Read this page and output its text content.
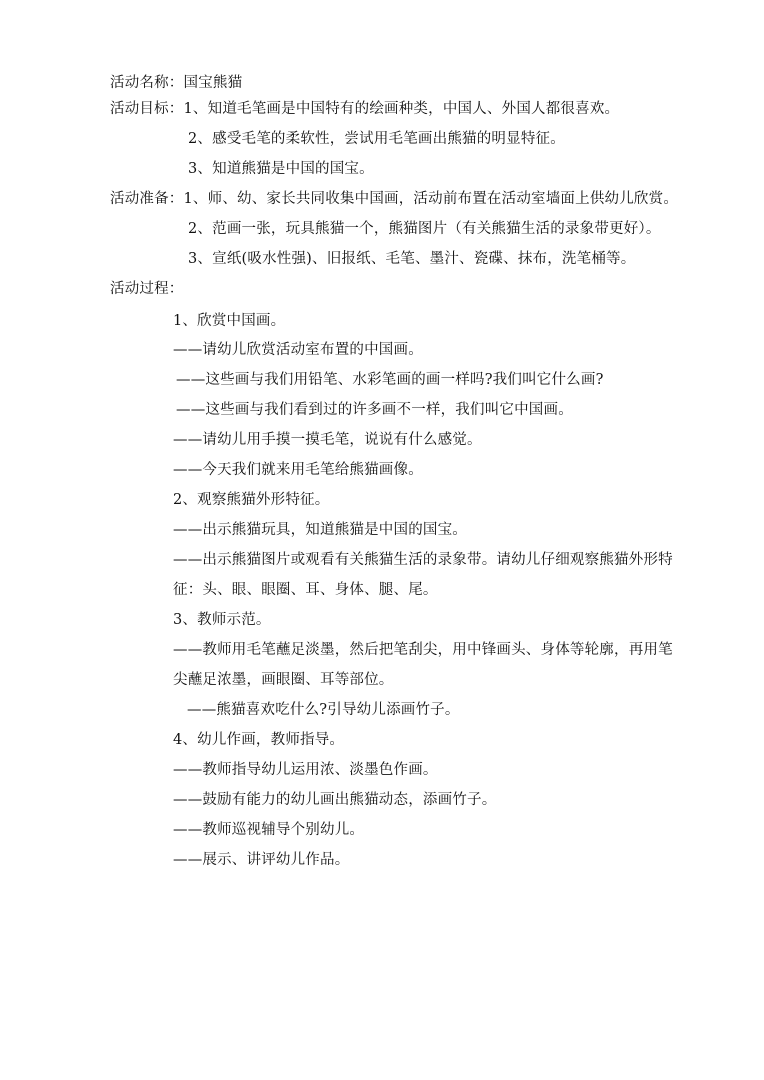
活动名称：国宝熊猫
活动目标：1、知道毛笔画是中国特有的绘画种类，中国人、外国人都很喜欢。
2、感受毛笔的柔软性，尝试用毛笔画出熊猫的明显特征。
3、知道熊猫是中国的国宝。
活动准备：1、师、幼、家长共同收集中国画，活动前布置在活动室墙面上供幼儿欣赏。
2、范画一张，玩具熊猫一个，熊猫图片（有关熊猫生活的录象带更好）。
3、宣纸(吸水性强)、旧报纸、毛笔、墨汁、瓷碟、抹布，洗笔桶等。
活动过程：
1、欣赏中国画。
——请幼儿欣赏活动室布置的中国画。
——这些画与我们用铅笔、水彩笔画的画一样吗?我们叫它什么画?
——这些画与我们看到过的许多画不一样，我们叫它中国画。
——请幼儿用手摸一摸毛笔，说说有什么感觉。
——今天我们就来用毛笔给熊猫画像。
2、观察熊猫外形特征。
——出示熊猫玩具，知道熊猫是中国的国宝。
——出示熊猫图片或观看有关熊猫生活的录象带。请幼儿仔细观察熊猫外形特
征：头、眼、眼圈、耳、身体、腿、尾。
3、教师示范。
——教师用毛笔蘸足淡墨，然后把笔刮尖，用中锋画头、身体等轮廓，再用笔
尖蘸足浓墨，画眼圈、耳等部位。
——熊猫喜欢吃什么?引导幼儿添画竹子。
4、幼儿作画，教师指导。
——教师指导幼儿运用浓、淡墨色作画。
——鼓励有能力的幼儿画出熊猫动态，添画竹子。
——教师巡视辅导个别幼儿。
——展示、讲评幼儿作品。
